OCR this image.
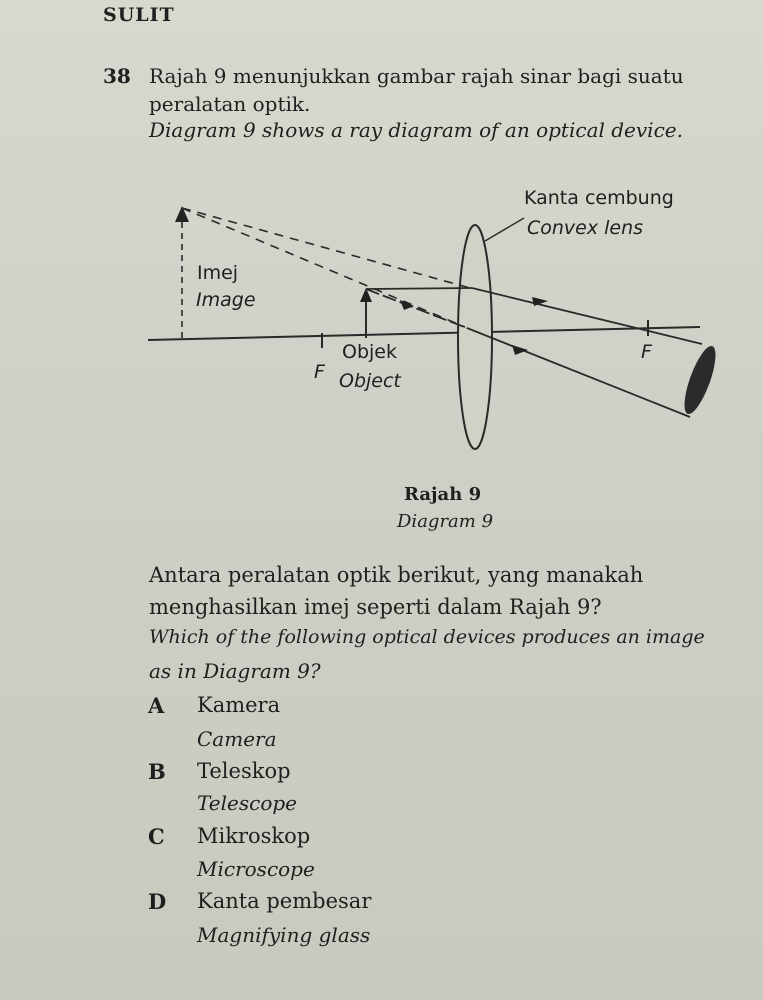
SULIT
38 Rajah 9 menunjukkan gambar rajah sinar bagi suatu
peralatan optik.
Diagram 9 shows a ray diagram of an optical device.
Kanta cembung
Convex lens
Imej
Image
Objek
Object
F
F
Rajah 9
Diagram 9
Antara peralatan optik berikut, yang manakah
menghasilkan imej seperti dalam Rajah 9?
Which of the following optical devices produces an image
as in Diagram 9?
A Kamera
Camera
B Teleskop
Telescope
C Mikroskop
Microscope
D Kanta pembesar
Magnifying glass
